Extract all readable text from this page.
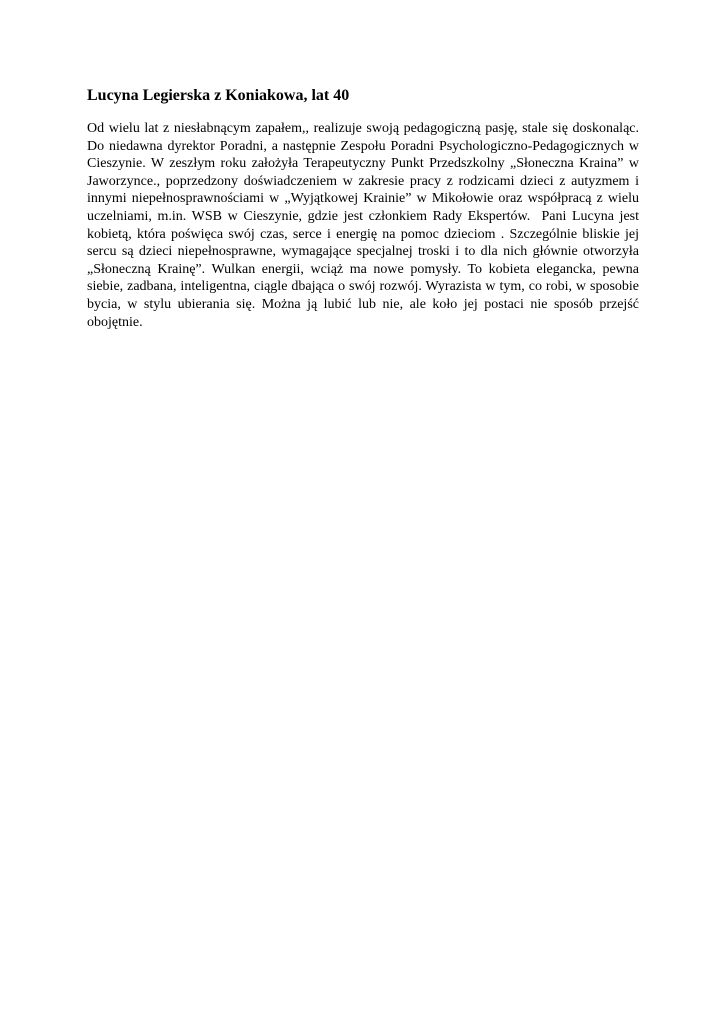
Lucyna Legierska z Koniakowa, lat 40

Od wielu lat z niesłabnącym zapałem,, realizuje swoją pedagogiczną pasję, stale się doskonaląc.  Do niedawna dyrektor Poradni, a następnie Zespołu Poradni Psychologiczno-Pedagogicznych w Cieszynie. W zeszłym roku założyła Terapeutyczny Punkt Przedszkolny „Słoneczna Kraina” w Jaworzynce., poprzedzony doświadczeniem w zakresie pracy z rodzicami dzieci z autyzmem i innymi niepełnosprawnościami w „Wyjątkowej Krainie” w Mikołowie oraz współpracą z wielu uczelniami, m.in. WSB w Cieszynie, gdzie jest członkiem Rady Ekspertów.  Pani Lucyna jest kobietą, która poświęca swój czas, serce i energię na pomoc dzieciom . Szczególnie bliskie jej sercu są dzieci niepełnosprawne, wymagające specjalnej troski i to dla nich głównie otworzyła „Słoneczną Krainę”. Wulkan energii, wciąż ma nowe pomysły. To kobieta elegancka, pewna siebie, zadbana, inteligentna, ciągle dbająca o swój rozwój. Wyrazista w tym, co robi, w sposobie bycia, w stylu ubierania się. Można ją lubić lub nie, ale koło jej postaci nie sposób przejść obojętnie.
